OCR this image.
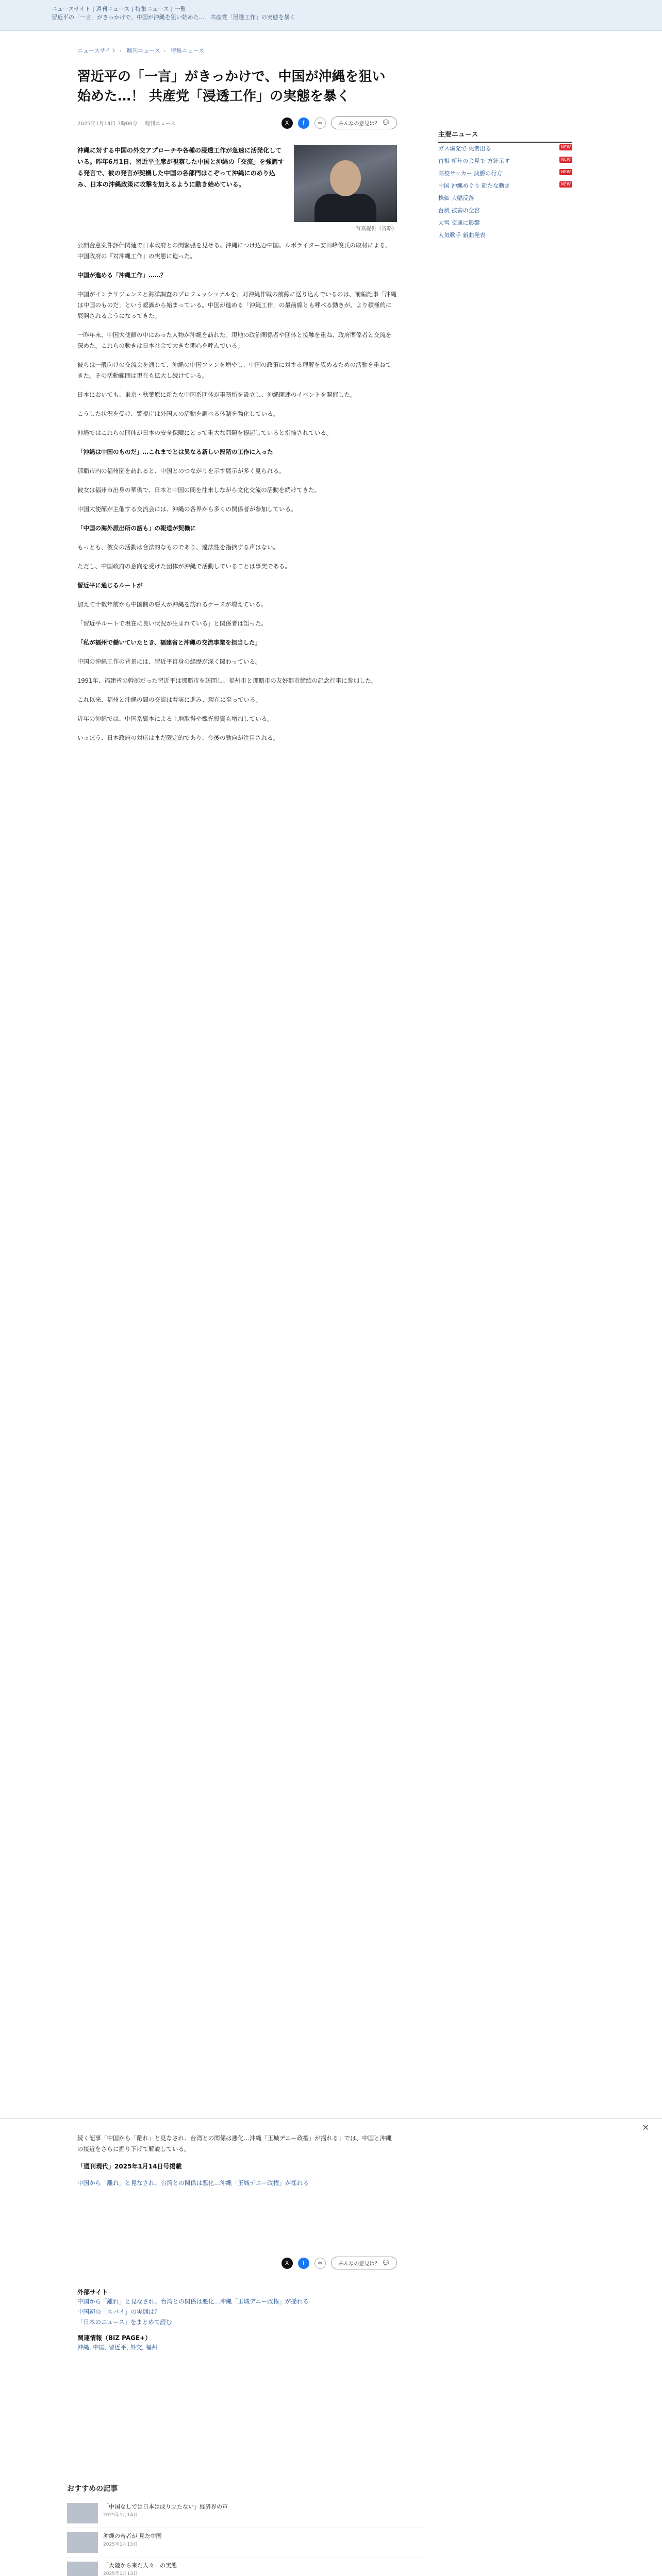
ニュースサイト | 週刊ニュース | 特集ニュース | 一覧
習近平の「一言」がきっかけで、中国が沖縄を狙い始めた…！共産党「浸透工作」の実態を暴く
ニュースサイト › 週刊ニュース › 特集ニュース
習近平の「一言」がきっかけで、中国が沖縄を狙い始めた…！ 共産党「浸透工作」の実態を暴く
2025年1月14日 7時00分 週刊ニュース	X	f	∞	みんなの意見は？ 💬

沖縄に対する中国の外交アプローチや各種の浸透工作が急速に活発化している。昨年6月1日、習近平主席が視察した中国と沖縄の「交流」を強調する発言で、彼の発言が契機した中国の各部門はこぞって沖縄にのめり込み、日本の沖縄政策に攻撃を加えるように動き始めている。

写真提供（省略）

公開合意案件評価関連で日本政府との間緊張を見せる。沖縄につけ込む中国。ルポライター安田峰俊氏の取材による、中国政府の『対沖縄工作』の実態に迫った。

中国が進める「沖縄工作」……？

中国がインテリジェンスと海洋調査のプロフェッショナルを、対沖縄作戦の前線に送り込んでいるのは、前編記事「沖縄は中国のものだ」という認識から始まっている。中国が進める「沖縄工作」の最前線とも呼べる動きが、より積極的に展開されるようになってきた。

一昨年末、中国大使館の中にあった人物が沖縄を訪れた。現地の政治関係者や団体と接触を重ね、政府関係者と交流を深めた。これらの動きは日本社会で大きな関心を呼んでいる。

彼らは一般向けの交流会を通じて、沖縄の中国ファンを増やし、中国の政策に対する理解を広めるための活動を重ねてきた。その活動範囲は現在も拡大し続けている。

日本においても、東京・秋葉原に新たな中国系団体が事務所を設立し、沖縄関連のイベントを開催した。

こうした状況を受け、警視庁は外国人の活動を調べる体制を強化している。

沖縄ではこれらの団体が日本の安全保障にとって重大な問題を提起していると指摘されている。

「沖縄は中国のものだ」…これまでとは異なる新しい段階の工作に入った

那覇市内の福州園を訪れると、中国とのつながりを示す展示が多く見られる。

彼女は福州市出身の華僑で、日本と中国の間を往来しながら文化交流の活動を続けてきた。

中国大使館が主催する交流会には、沖縄の各界から多くの関係者が参加している。

「中国の海外派出所の話も」の報道が契機に

もっとも、彼女の活動は合法的なものであり、違法性を指摘する声はない。

ただし、中国政府の意向を受けた団体が沖縄で活動していることは事実である。

習近平に通じるルートが

加えて十数年前から中国側の要人が沖縄を訪れるケースが増えている。

「習近平ルートで現在に良い状況が生まれている」と関係者は語った。

「私が福州で働いていたとき、福建省と沖縄の交流事業を担当した」

中国の沖縄工作の背景には、習近平自身の経歴が深く関わっている。

1991年、福建省の幹部だった習近平は那覇市を訪問し、福州市と那覇市の友好都市締結の記念行事に参加した。

これ以来、福州と沖縄の間の交流は着実に進み、現在に至っている。

近年の沖縄では、中国系資本による土地取得や観光投資も増加している。

いっぽう、日本政府の対応はまだ限定的であり、今後の動向が注目される。

主要ニュース
ガス爆発で 死者出る	NEW
首相 新年の会見で 方針示す	NEW
高校サッカー 決勝の行方	NEW
中国 沖縄めぐり 新たな動き	NEW
株価 大幅反落
台風 被害の全容
大雪 交通に影響
人気歌手 新曲発表
✕

続く記事「中国から「離れ」と見なされ、台湾との関係は悪化…沖縄「玉城デニー政権」が揺れる」では、中国と沖縄の接近をさらに掘り下げて解説している。

「週刊現代」2025年1月14日号掲載

中国から「離れ」と見なされ、台湾との関係は悪化…沖縄「玉城デニー政権」が揺れる

X	f	∞	みんなの意見は？ 💬

外部サイト

中国から「離れ」と見なされ、台湾との関係は悪化…沖縄「玉城デニー政権」が揺れる

中国初の「スパイ」の実態は？

「日本のニュース」をまとめて読む

関連情報（BiZ PAGE+）

沖縄, 中国, 習近平, 外交, 福州

おすすめの記事
「中国なしでは日本は成り立たない」経済界の声
2025年1月14日
沖縄の若者が 見た中国
2025年1月13日
「大陸から来た人々」の実態
2025年1月13日
